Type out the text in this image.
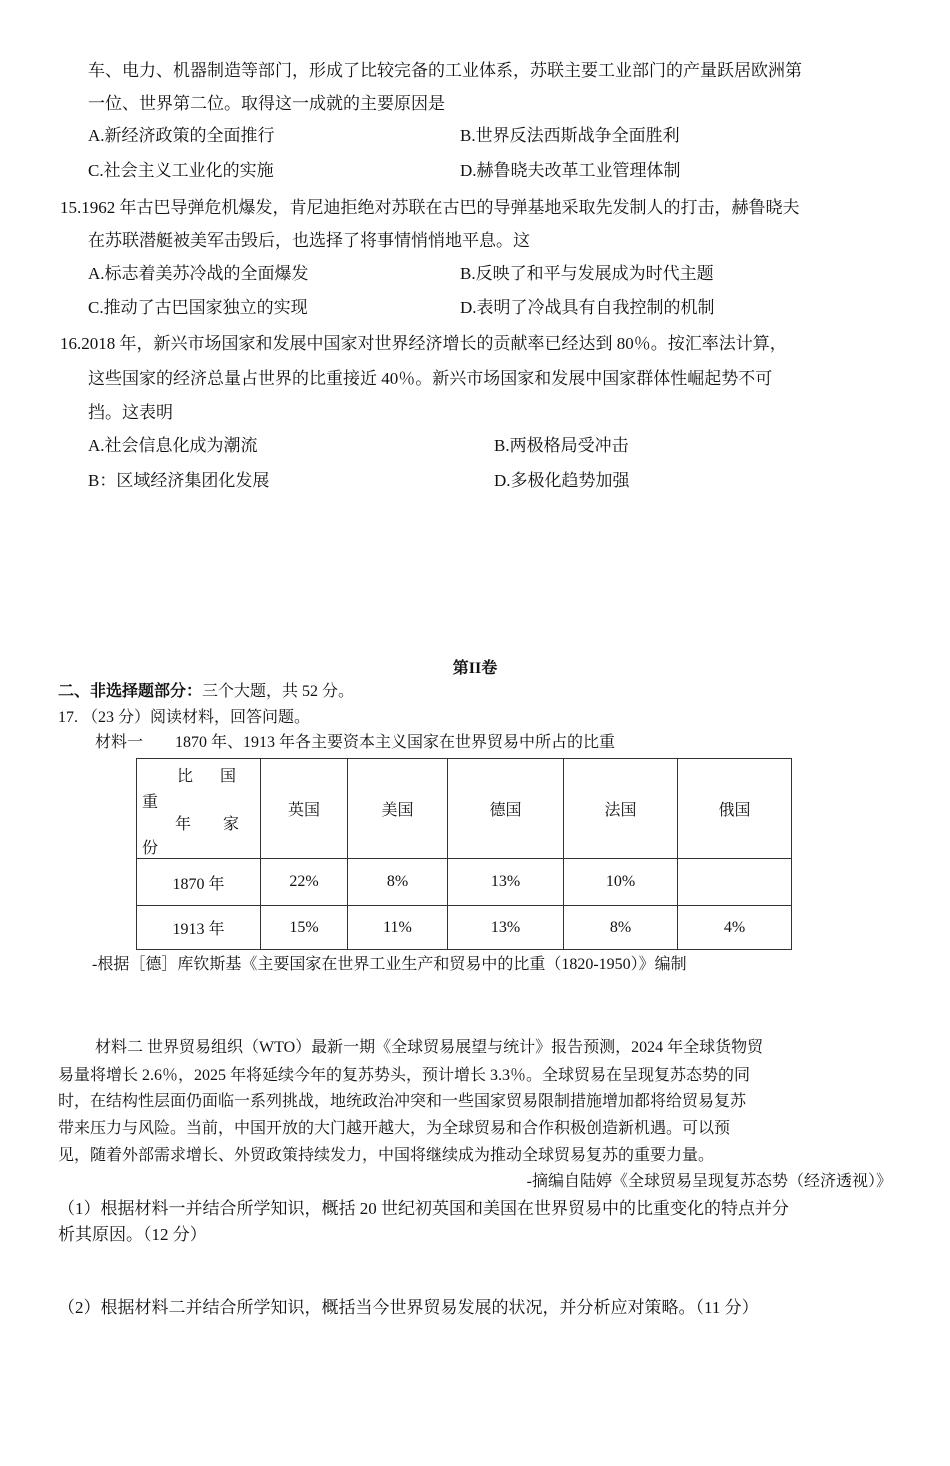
车、电力、机器制造等部门，形成了比较完备的工业体系，苏联主要工业部门的产量跃居欧洲第
一位、世界第二位。取得这一成就的主要原因是
A.新经济政策的全面推行	B.世界反法西斯战争全面胜利
C.社会主义工业化的实施	D.赫鲁晓夫改革工业管理体制
15.1962 年古巴导弹危机爆发，肯尼迪拒绝对苏联在古巴的导弹基地采取先发制人的打击，赫鲁晓夫
在苏联潜艇被美军击毁后，也选择了将事情悄悄地平息。这
A.标志着美苏冷战的全面爆发	B.反映了和平与发展成为时代主题
C.推动了古巴国家独立的实现	D.表明了冷战具有自我控制的机制
16.2018 年，新兴市场国家和发展中国家对世界经济增长的贡献率已经达到 80％。按汇率法计算，
这些国家的经济总量占世界的比重接近 40％。新兴市场国家和发展中国家群体性崛起势不可
挡。这表明
A.社会信息化成为潮流	B.两极格局受冲击
B：区域经济集团化发展	D.多极化趋势加强
第II卷
二、非选择题部分：三个大题，共 52 分。
17. （23 分）阅读材料，回答问题。
材料一　　1870 年、1913 年各主要资本主义国家在世界贸易中所占的比重
比 国
重
年 家
份
	英国	美国	德国	法国	俄国
1870 年	22%	8%	13%	10%	
1913 年	15%	11%	13%	8%	4%
-根据［德］库钦斯基《主要国家在世界工业生产和贸易中的比重（1820-1950）》编制
材料二 世界贸易组织（WTO）最新一期《全球贸易展望与统计》报告预测，2024 年全球货物贸
易量将增长 2.6％，2025 年将延续今年的复苏势头，预计增长 3.3％。全球贸易在呈现复苏态势的同
时，在结构性层面仍面临一系列挑战，地统政治冲突和一些国家贸易限制措施增加都将给贸易复苏
带来压力与风险。当前，中国开放的大门越开越大，为全球贸易和合作积极创造新机遇。可以预
见，随着外部需求增长、外贸政策持续发力，中国将继续成为推动全球贸易复苏的重要力量。
-摘编自陆婷《全球贸易呈现复苏态势（经济透视）》
（1）根据材料一并结合所学知识，概括 20 世纪初英国和美国在世界贸易中的比重变化的特点并分
析其原因。（12 分）
（2）根据材料二并结合所学知识，概括当今世界贸易发展的状况，并分析应对策略。（11 分）
